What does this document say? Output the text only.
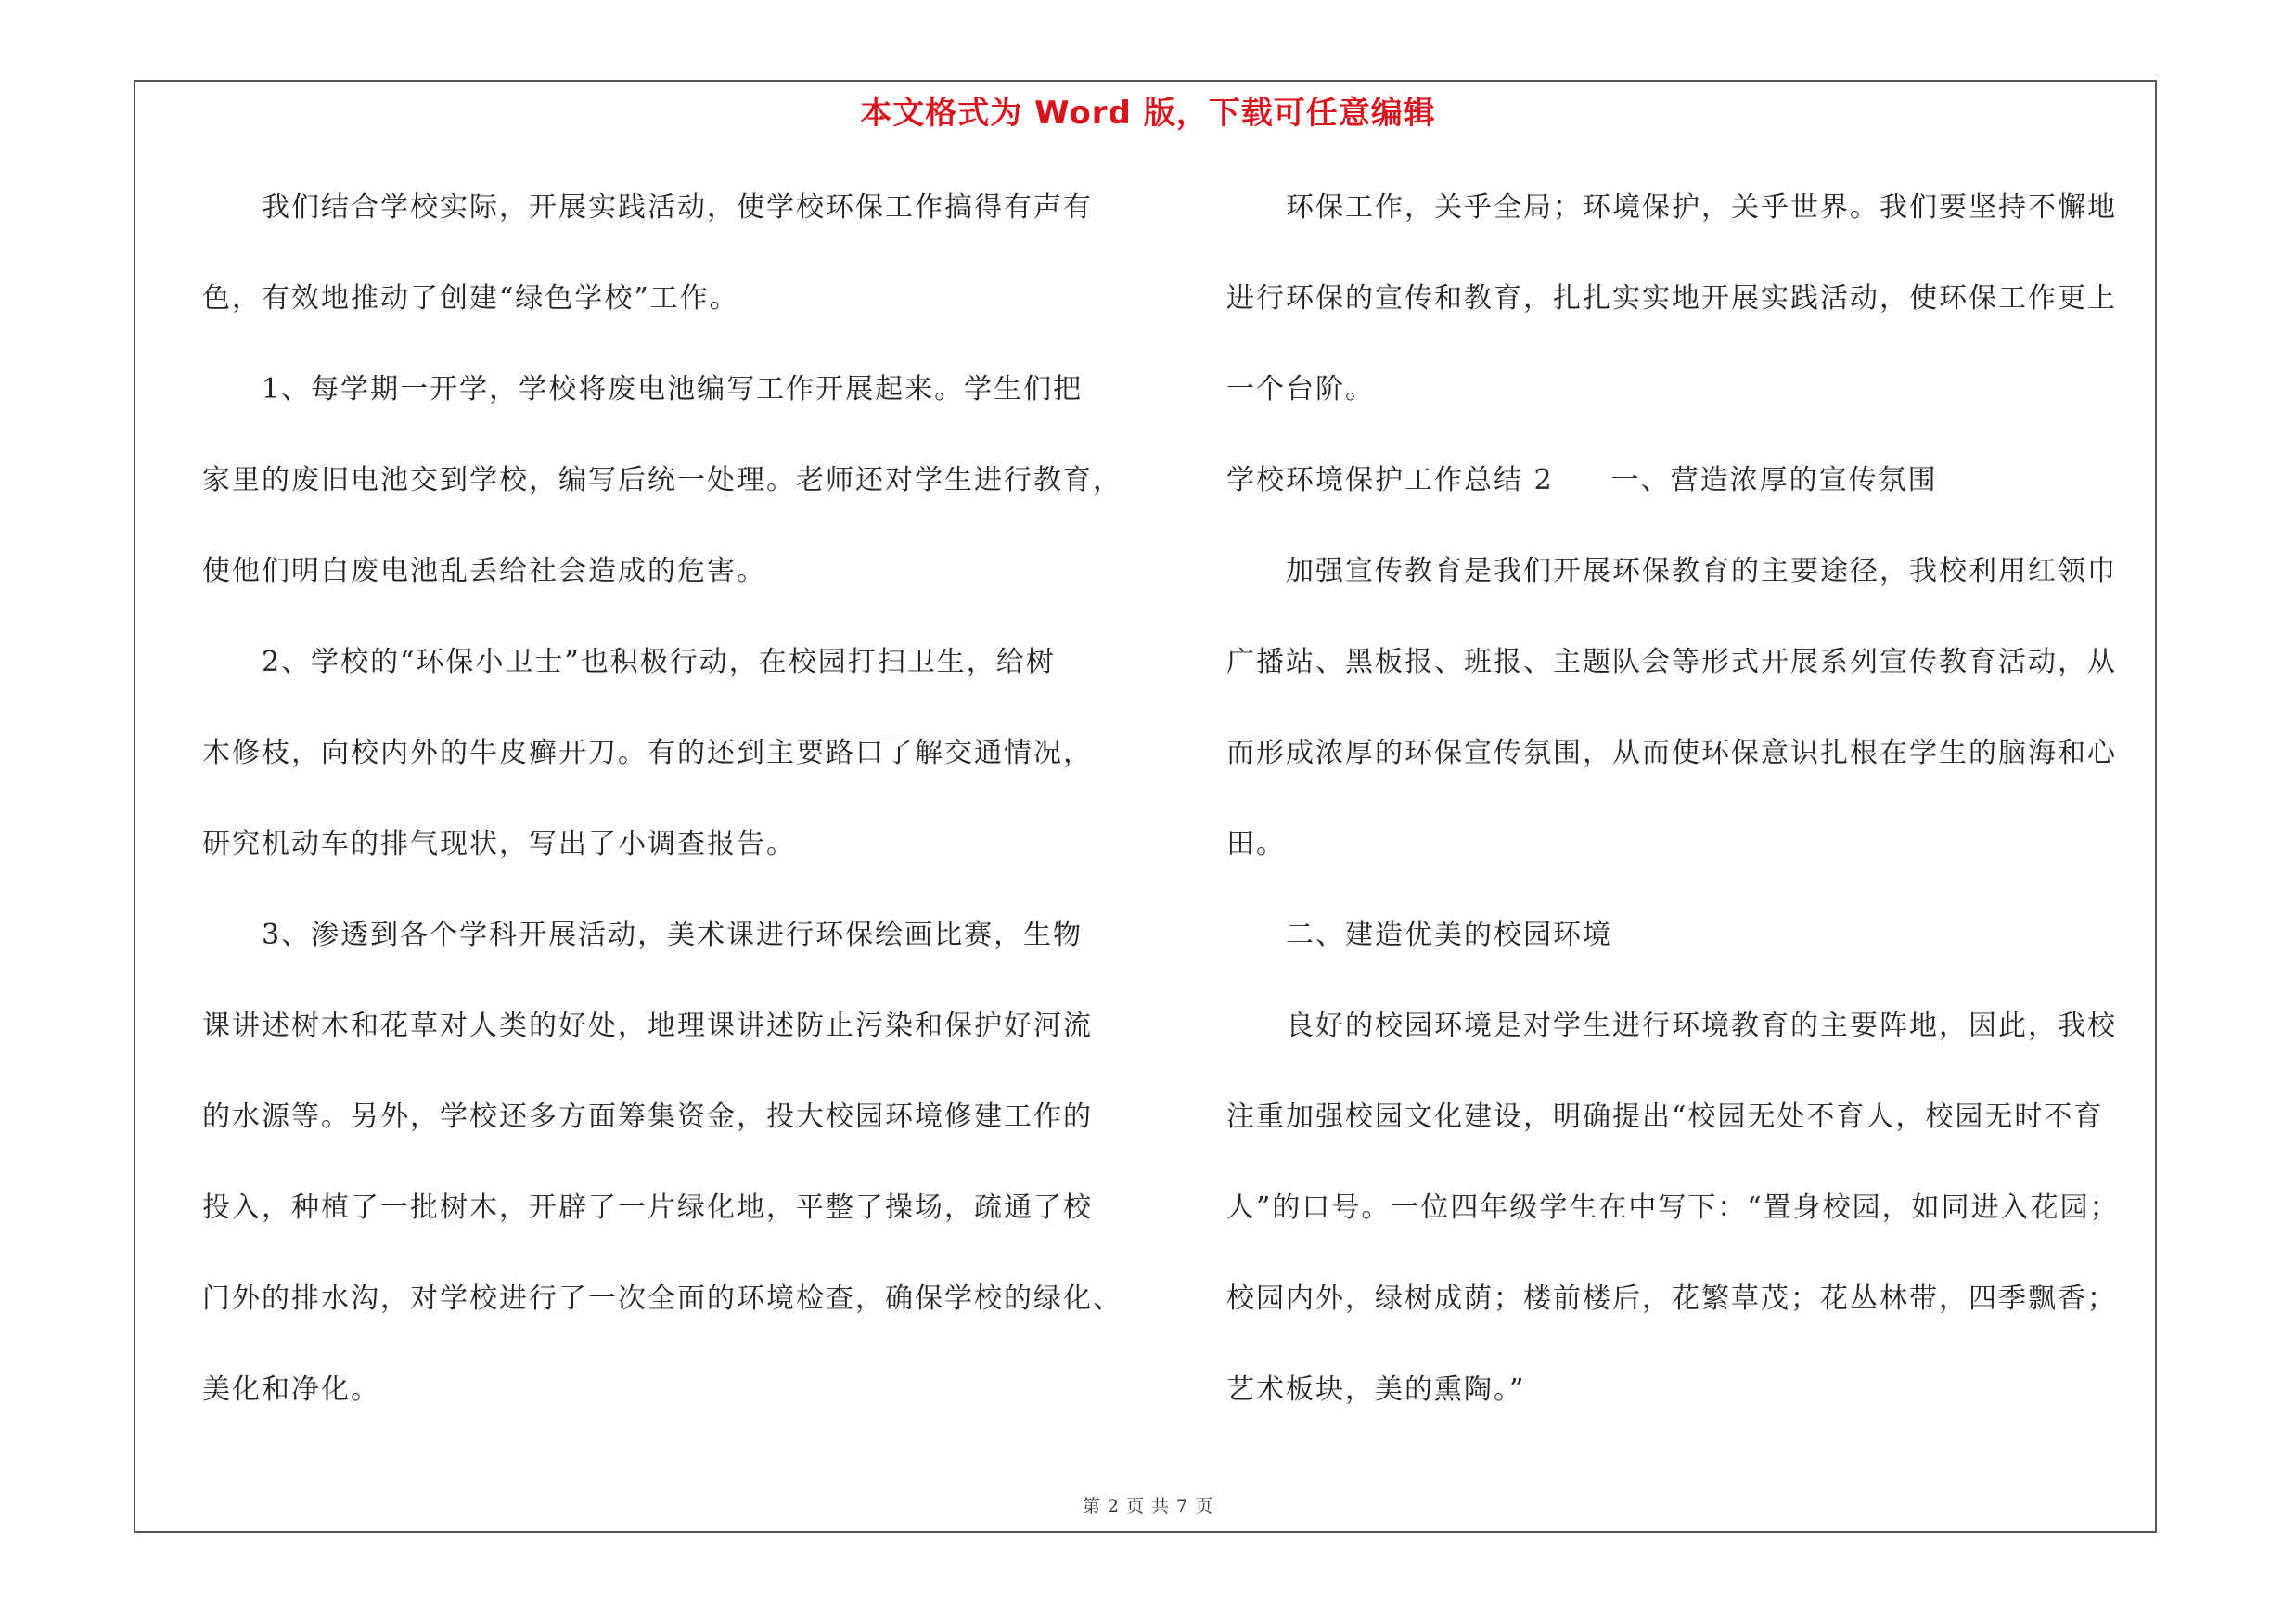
本文格式为 Word 版，下载可任意编辑
我们结合学校实际，开展实践活动，使学校环保工作搞得有声有
色，有效地推动了创建“绿色学校”工作。
1、每学期一开学，学校将废电池编写工作开展起来。学生们把
家里的废旧电池交到学校，编写后统一处理。老师还对学生进行教育，
使他们明白废电池乱丢给社会造成的危害。
2、学校的“环保小卫士”也积极行动，在校园打扫卫生，给树
木修枝，向校内外的牛皮癣开刀。有的还到主要路口了解交通情况，
研究机动车的排气现状，写出了小调查报告。
3、渗透到各个学科开展活动，美术课进行环保绘画比赛，生物
课讲述树木和花草对人类的好处，地理课讲述防止污染和保护好河流
的水源等。另外，学校还多方面筹集资金，投大校园环境修建工作的
投入，种植了一批树木，开辟了一片绿化地，平整了操场，疏通了校
门外的排水沟，对学校进行了一次全面的环境检查，确保学校的绿化、
美化和净化。
环保工作，关乎全局；环境保护，关乎世界。我们要坚持不懈地
进行环保的宣传和教育，扎扎实实地开展实践活动，使环保工作更上
一个台阶。
学校环境保护工作总结 2 一、营造浓厚的宣传氛围
加强宣传教育是我们开展环保教育的主要途径，我校利用红领巾
广播站、黑板报、班报、主题队会等形式开展系列宣传教育活动，从
而形成浓厚的环保宣传氛围，从而使环保意识扎根在学生的脑海和心
田。
二、建造优美的校园环境
良好的校园环境是对学生进行环境教育的主要阵地，因此，我校
注重加强校园文化建设，明确提出“校园无处不育人，校园无时不育
人”的口号。一位四年级学生在中写下：“置身校园，如同进入花园；
校园内外，绿树成荫；楼前楼后，花繁草茂；花丛林带，四季飘香；
艺术板块，美的熏陶。”
第 2 页 共 7 页
